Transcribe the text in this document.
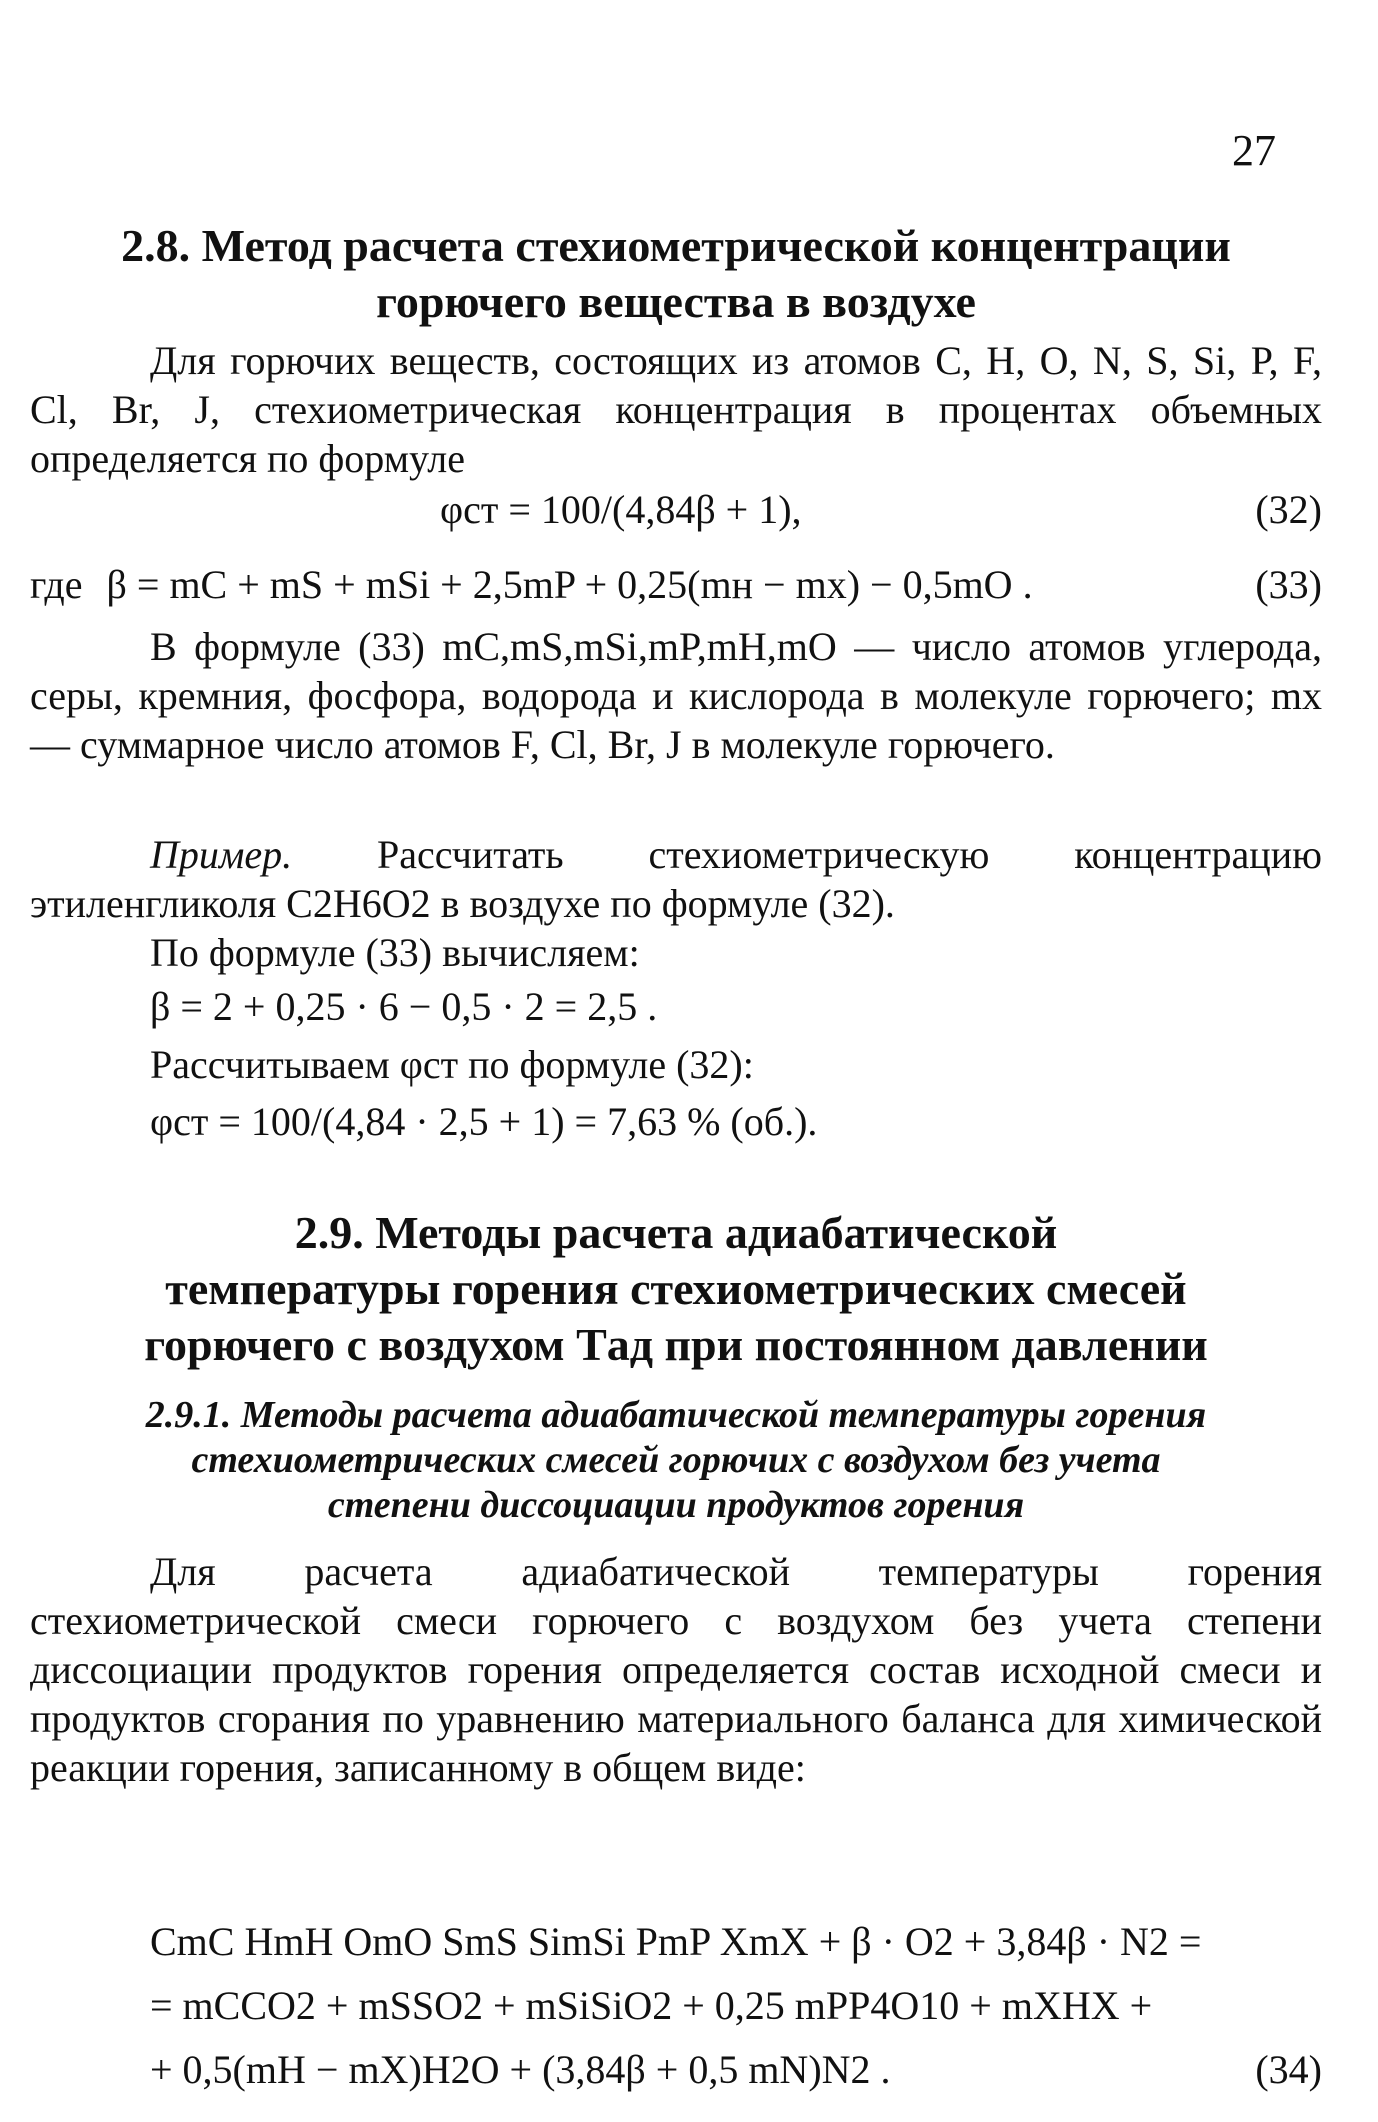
27
2.8. Метод расчета стехиометрической концентрации
горючего вещества в воздухе
Для горючих веществ, состоящих из атомов C, H, O, N, S, Si, P, F, Cl, Br, J, стехиометрическая концентрация в процентах объемных определяется по формуле
φст = 100/(4,84β + 1),	(32)
где β = mC + mS + mSi + 2,5mP + 0,25(mн − mх) − 0,5mO .	(33)
В формуле (33) mC,mS,mSi,mP,mH,mO — число атомов углерода, серы, кремния, фосфора, водорода и кислорода в молекуле горючего; mх — суммарное число атомов F, Cl, Br, J в молекуле горючего.
Пример. Рассчитать стехиометрическую концентрацию этиленгликоля C2H6O2 в воздухе по формуле (32).
По формуле (33) вычисляем:
β = 2 + 0,25 · 6 − 0,5 · 2 = 2,5 .
Рассчитываем φст по формуле (32):
φст = 100/(4,84 · 2,5 + 1) = 7,63 % (об.).
2.9. Методы расчета адиабатической
температуры горения стехиометрических смесей
горючего с воздухом Tад при постоянном давлении
2.9.1. Методы расчета адиабатической температуры горения
стехиометрических смесей горючих с воздухом без учета
степени диссоциации продуктов горения
Для расчета адиабатической температуры горения стехиометрической смеси горючего с воздухом без учета степени диссоциации продуктов горения определяется состав исходной смеси и продуктов сгорания по уравнению материального баланса для химической реакции горения, записанному в общем виде:
CmC HmH OmO SmS SimSi PmP XmX + β · O2 + 3,84β · N2 =
= mCCO2 + mSSO2 + mSiSiO2 + 0,25 mPP4O10 + mXHX +
+ 0,5(mH − mX)H2O + (3,84β + 0,5 mN)N2 .	(34)
